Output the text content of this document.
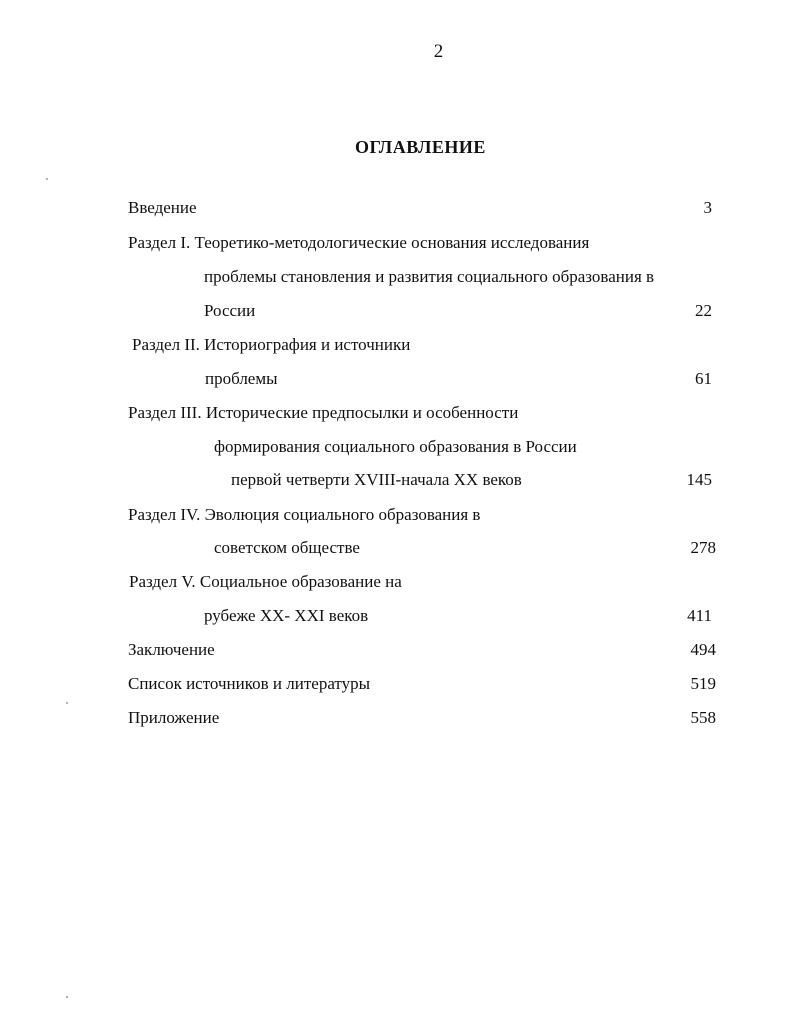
2
ОГЛАВЛЕНИЕ
Введение	3
Раздел I. Теоретико-методологические основания исследования
проблемы становления и развития социального образования в
России	22
Раздел II. Историография и источники
проблемы	61
Раздел III. Исторические предпосылки и особенности
формирования социального образования в России
первой четверти XVIII-начала XX веков	145
Раздел IV. Эволюция социального образования в
советском обществе	278
Раздел V. Социальное образование на
рубеже XX- XXI веков	411
Заключение	494
Список источников и литературы	519
Приложение	558
